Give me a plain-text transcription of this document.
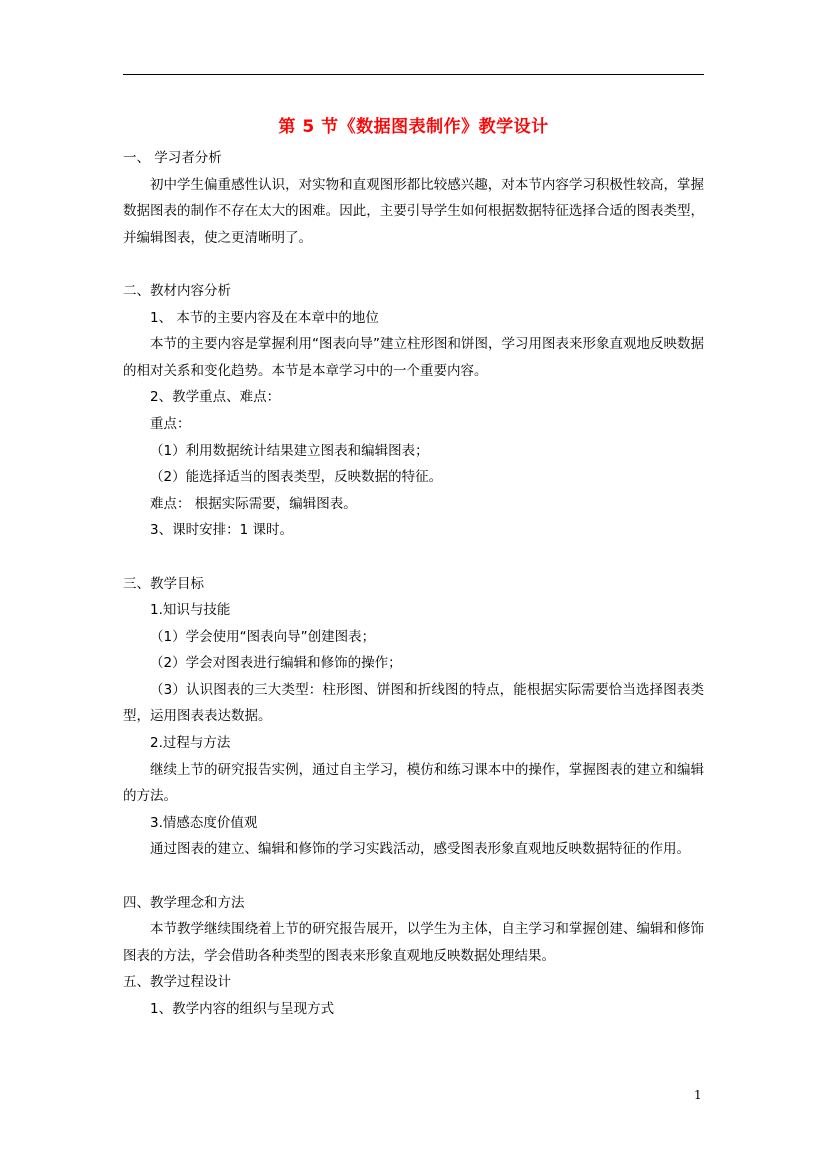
第 5 节《数据图表制作》教学设计
一、 学习者分析
初中学生偏重感性认识，对实物和直观图形都比较感兴趣，对本节内容学习积极性较高，掌握数据图表的制作不存在太大的困难。因此，主要引导学生如何根据数据特征选择合适的图表类型，并编辑图表，使之更清晰明了。
二、教材内容分析
1、 本节的主要内容及在本章中的地位
本节的主要内容是掌握利用“图表向导”建立柱形图和饼图，学习用图表来形象直观地反映数据的相对关系和变化趋势。本节是本章学习中的一个重要内容。
2、教学重点、难点：
重点：
（1）利用数据统计结果建立图表和编辑图表；
（2）能选择适当的图表类型，反映数据的特征。
难点： 根据实际需要，编辑图表。
3、课时安排：1 课时。
三、教学目标
1.知识与技能
（1）学会使用“图表向导”创建图表；
（2）学会对图表进行编辑和修饰的操作；
（3）认识图表的三大类型：柱形图、饼图和折线图的特点，能根据实际需要恰当选择图表类型，运用图表表达数据。
2.过程与方法
继续上节的研究报告实例，通过自主学习，模仿和练习课本中的操作，掌握图表的建立和编辑的方法。
3.情感态度价值观
通过图表的建立、编辑和修饰的学习实践活动，感受图表形象直观地反映数据特征的作用。
四、教学理念和方法
本节教学继续围绕着上节的研究报告展开，以学生为主体，自主学习和掌握创建、编辑和修饰图表的方法，学会借助各种类型的图表来形象直观地反映数据处理结果。
五、教学过程设计
1、教学内容的组织与呈现方式
1
